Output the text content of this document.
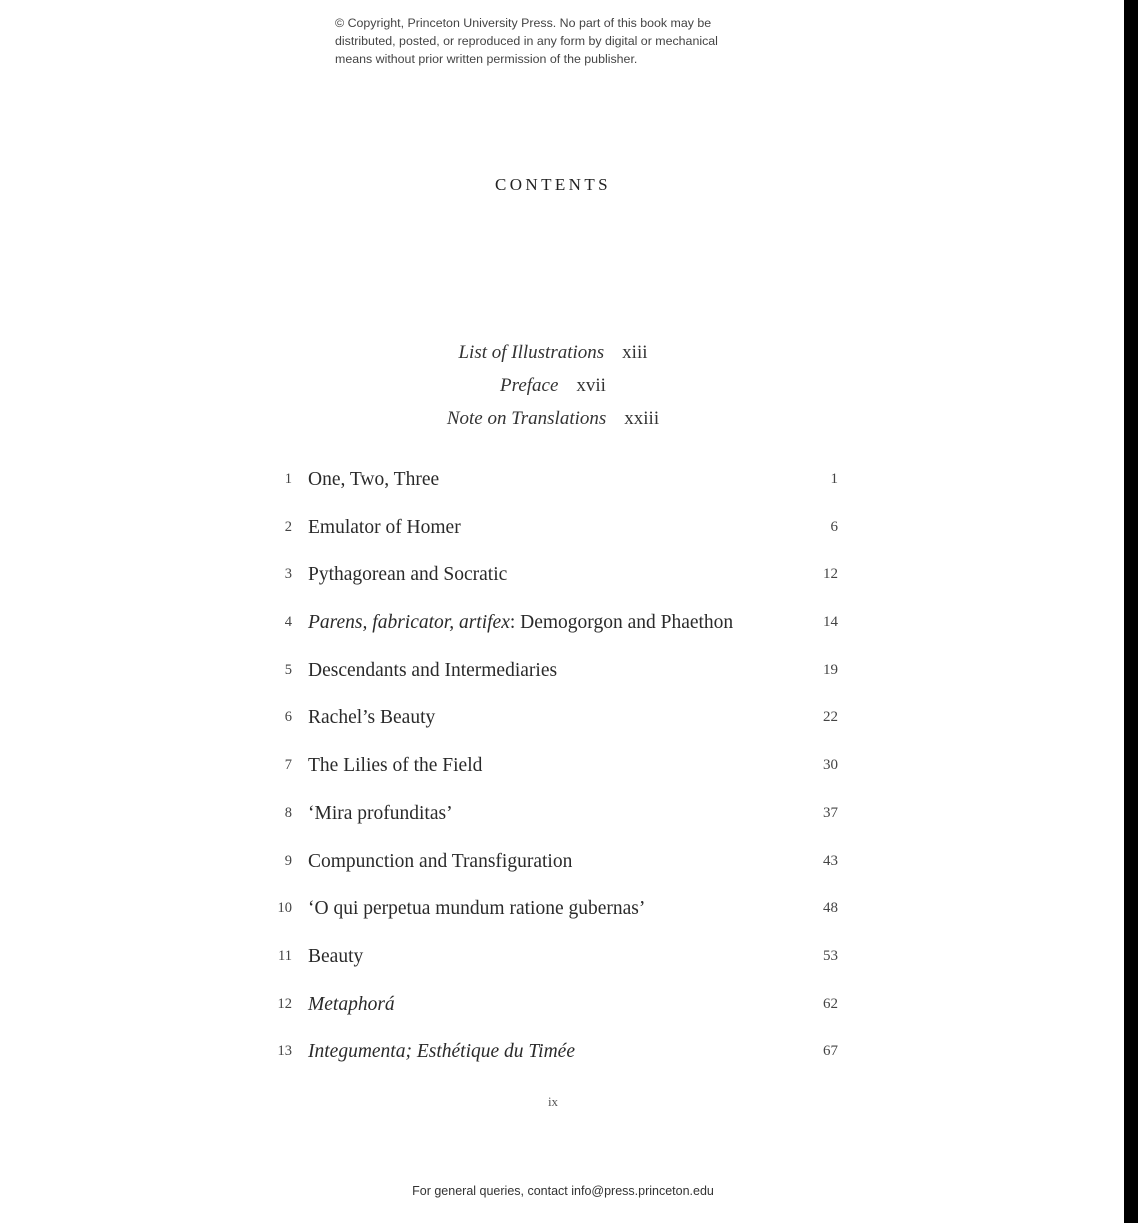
© Copyright, Princeton University Press. No part of this book may be
distributed, posted, or reproduced in any form by digital or mechanical
means without prior written permission of the publisher.
CONTENTS
List of Illustrations xiii
Preface xvii
Note on Translations xxiii
1 One, Two, Three	1
2 Emulator of Homer	6
3 Pythagorean and Socratic	12
4 Parens, fabricator, artifex: Demogorgon and Phaethon	14
5 Descendants and Intermediaries	19
6 Rachel’s Beauty	22
7 The Lilies of the Field	30
8 ‘Mira profunditas’	37
9 Compunction and Transfiguration	43
10 ‘O qui perpetua mundum ratione gubernas’	48
11 Beauty	53
12 Metaphorá	62
13 Integumenta; Esthétique du Timée	67
ix
For general queries, contact info@press.princeton.edu
